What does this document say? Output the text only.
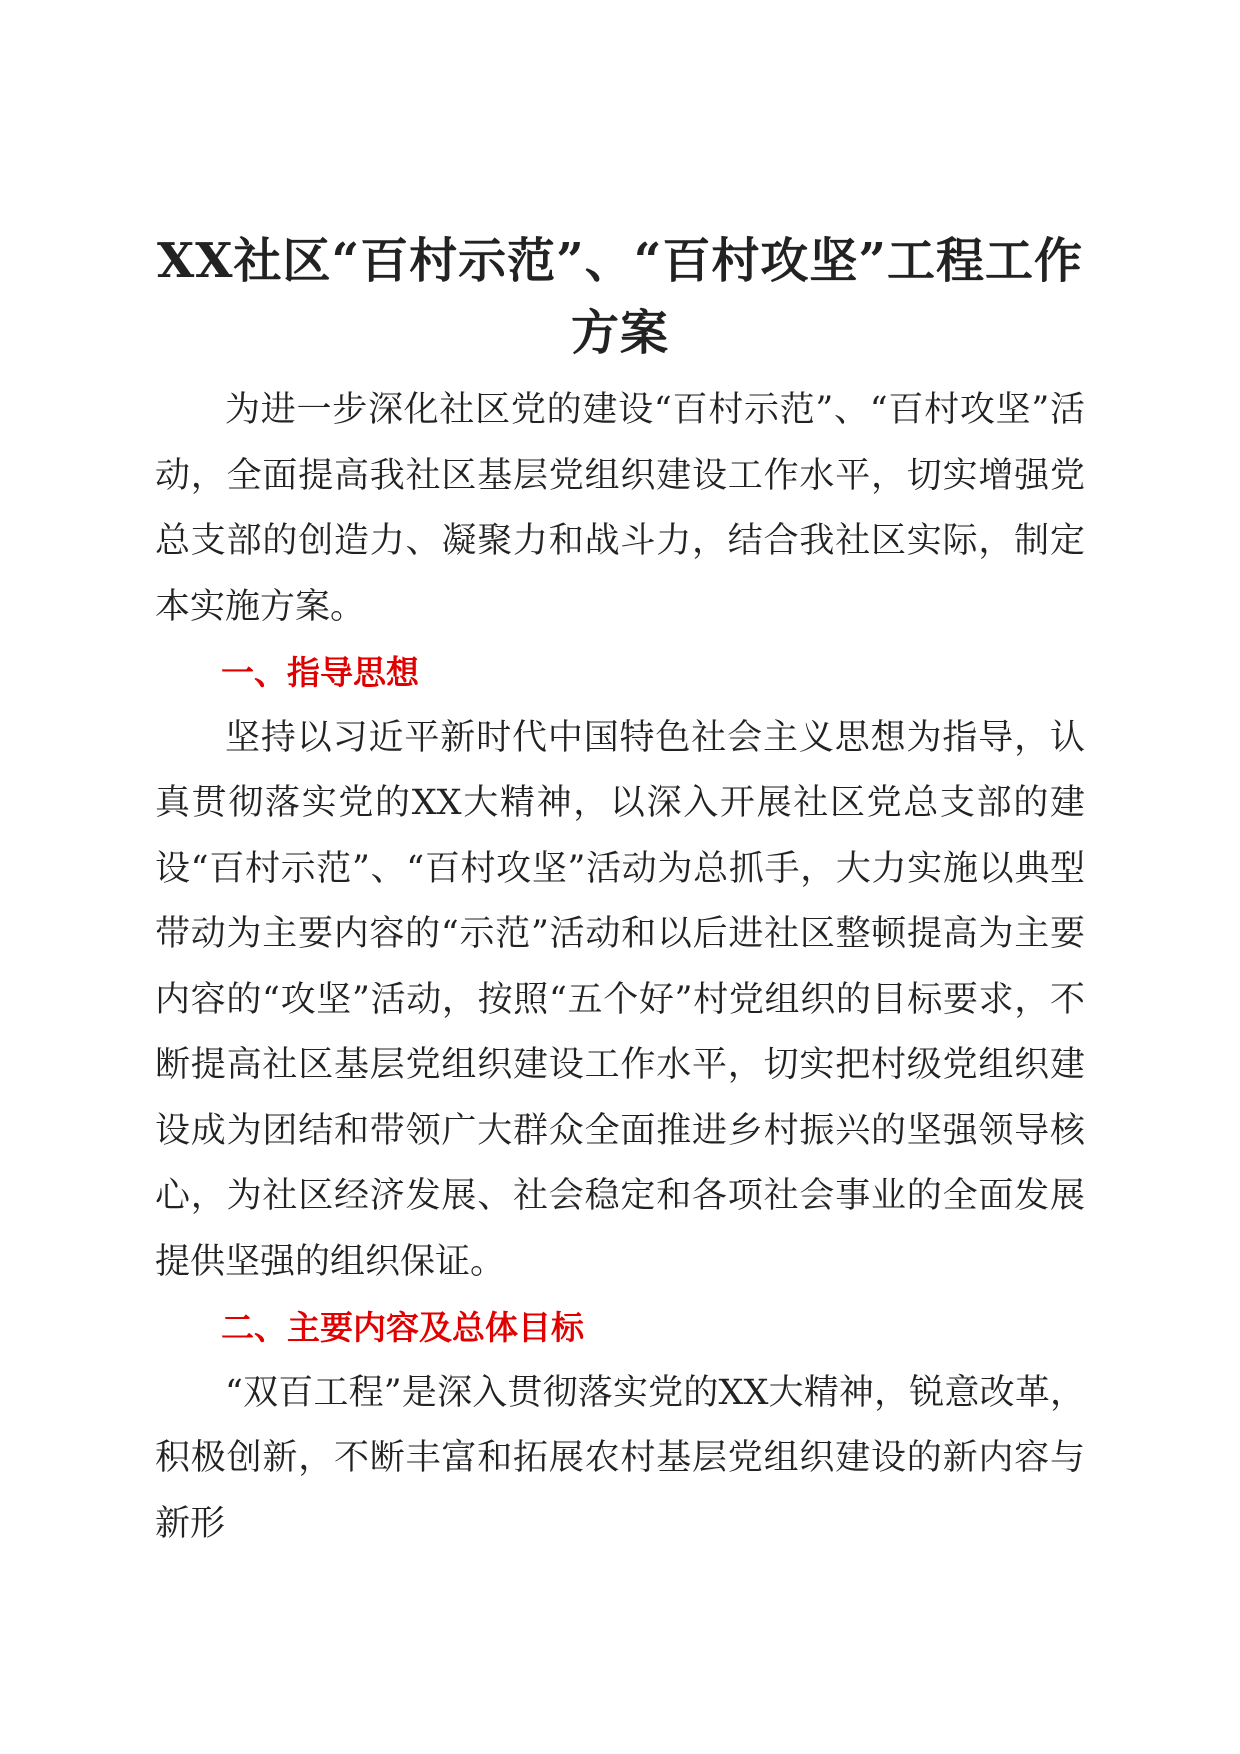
XX社区“百村示范”、“百村攻坚”工程工作方案

为进一步深化社区党的建设“百村示范”、“百村攻坚”活动，全面提高我社区基层党组织建设工作水平，切实增强党总支部的创造力、凝聚力和战斗力，结合我社区实际，制定本实施方案。

一、指导思想

坚持以习近平新时代中国特色社会主义思想为指导，认真贯彻落实党的XX大精神，以深入开展社区党总支部的建设“百村示范”、“百村攻坚”活动为总抓手，大力实施以典型带动为主要内容的“示范”活动和以后进社区整顿提高为主要内容的“攻坚”活动，按照“五个好”村党组织的目标要求，不断提高社区基层党组织建设工作水平，切实把村级党组织建设成为团结和带领广大群众全面推进乡村振兴的坚强领导核心，为社区经济发展、社会稳定和各项社会事业的全面发展提供坚强的组织保证。

二、主要内容及总体目标

“双百工程”是深入贯彻落实党的XX大精神，锐意改革，积极创新，不断丰富和拓展农村基层党组织建设的新内容与新形
